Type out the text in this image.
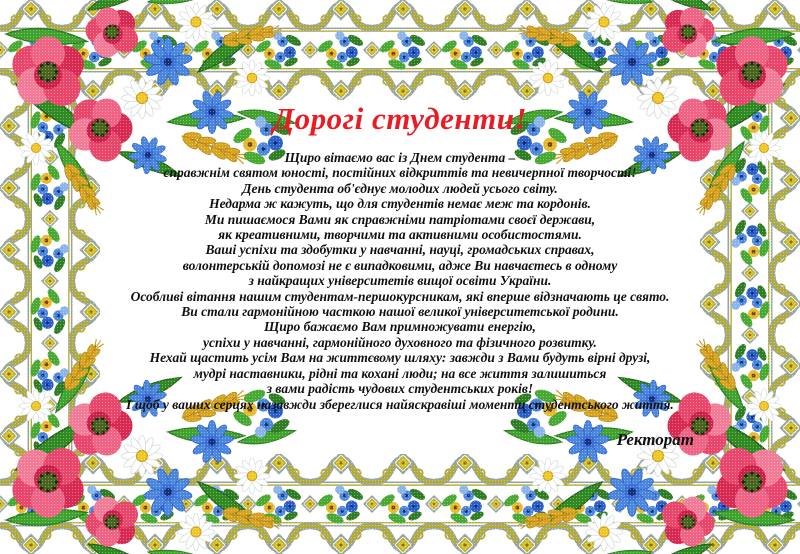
Дорогі студенти!
Щиро вітаємо вас із Днем студента –
справжнім святом юності, постійних відкриттів та невичерпної творчості!
День студента об'єднує молодих людей усього світу.
Недарма ж кажуть, що для студентів немає меж та кордонів.
Ми пишаємося Вами як справжніми патріотами своєї держави,
як креативними, творчими та активними особистостями.
Ваші успіхи та здобутки у навчанні, науці, громадських справах,
волонтерській допомозі не є випадковими, адже Ви навчаєтесь в одному
з найкращих університетів вищої освіти України.
Особливі вітання нашим студентам-першокурсникам, які вперше відзначають це свято.
Ви стали гармонійною часткою нашої великої університетської родини.
Щиро бажаємо Вам примножувати енергію,
успіхи у навчанні, гармонійного духовного та фізичного розвитку.
Нехай щастить усім Вам на життєвому шляху: завжди з Вами будуть вірні друзі,
мудрі наставники, рідні та кохані люди; на все життя залишиться
з вами радість чудових студентських років!
І щоб у ваших серцях назавжди збереглися найяскравіші моменти студентського життя.
Ректорат
